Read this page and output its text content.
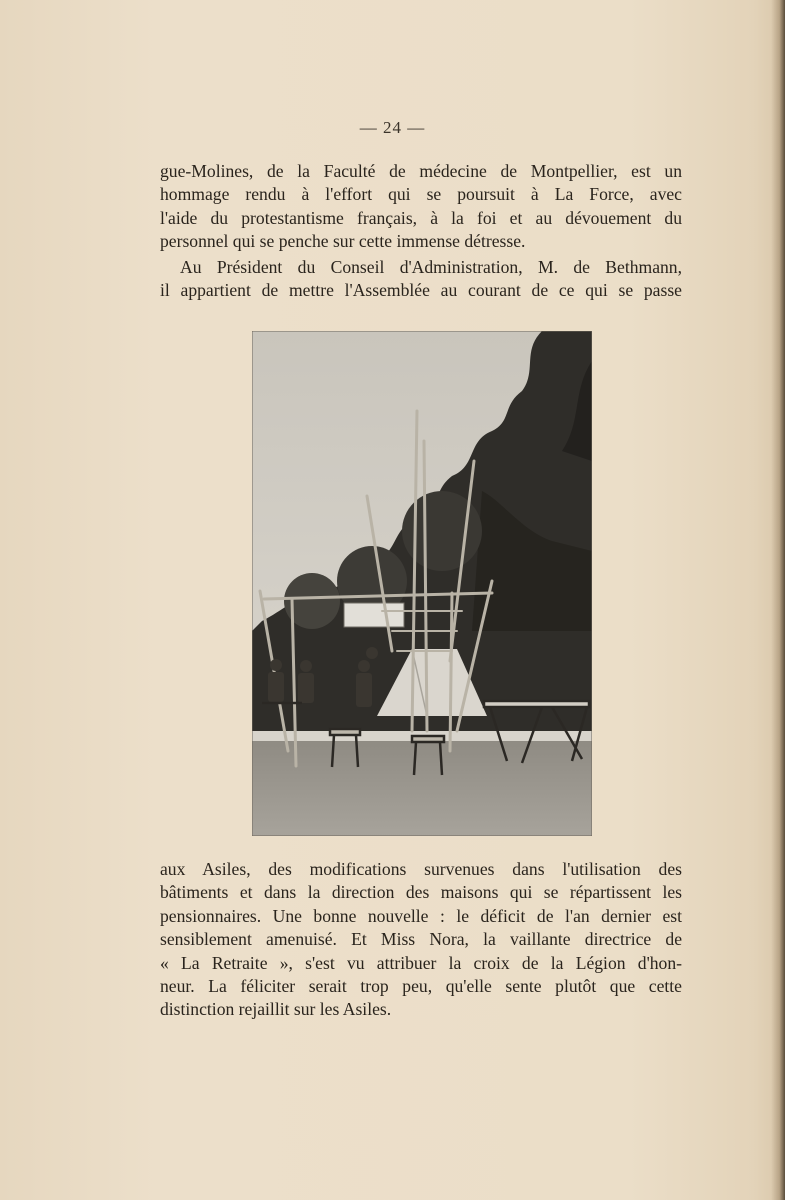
— 24 —
gue-Molines, de la Faculté de médecine de Montpellier, est un
hommage rendu à l'effort qui se poursuit à La Force, avec
l'aide du protestantisme français, à la foi et au dévouement du
personnel qui se penche sur cette immense détresse.
Au Président du Conseil d'Administration, M. de Bethmann,
il appartient de mettre l'Assemblée au courant de ce qui se passe
aux Asiles, des modifications survenues dans l'utilisation des
bâtiments et dans la direction des maisons qui se répartissent les
pensionnaires. Une bonne nouvelle : le déficit de l'an dernier est
sensiblement amenuisé. Et Miss Nora, la vaillante directrice de
« La Retraite », s'est vu attribuer la croix de la Légion d'hon-
neur. La féliciter serait trop peu, qu'elle sente plutôt que cette
distinction rejaillit sur les Asiles.
